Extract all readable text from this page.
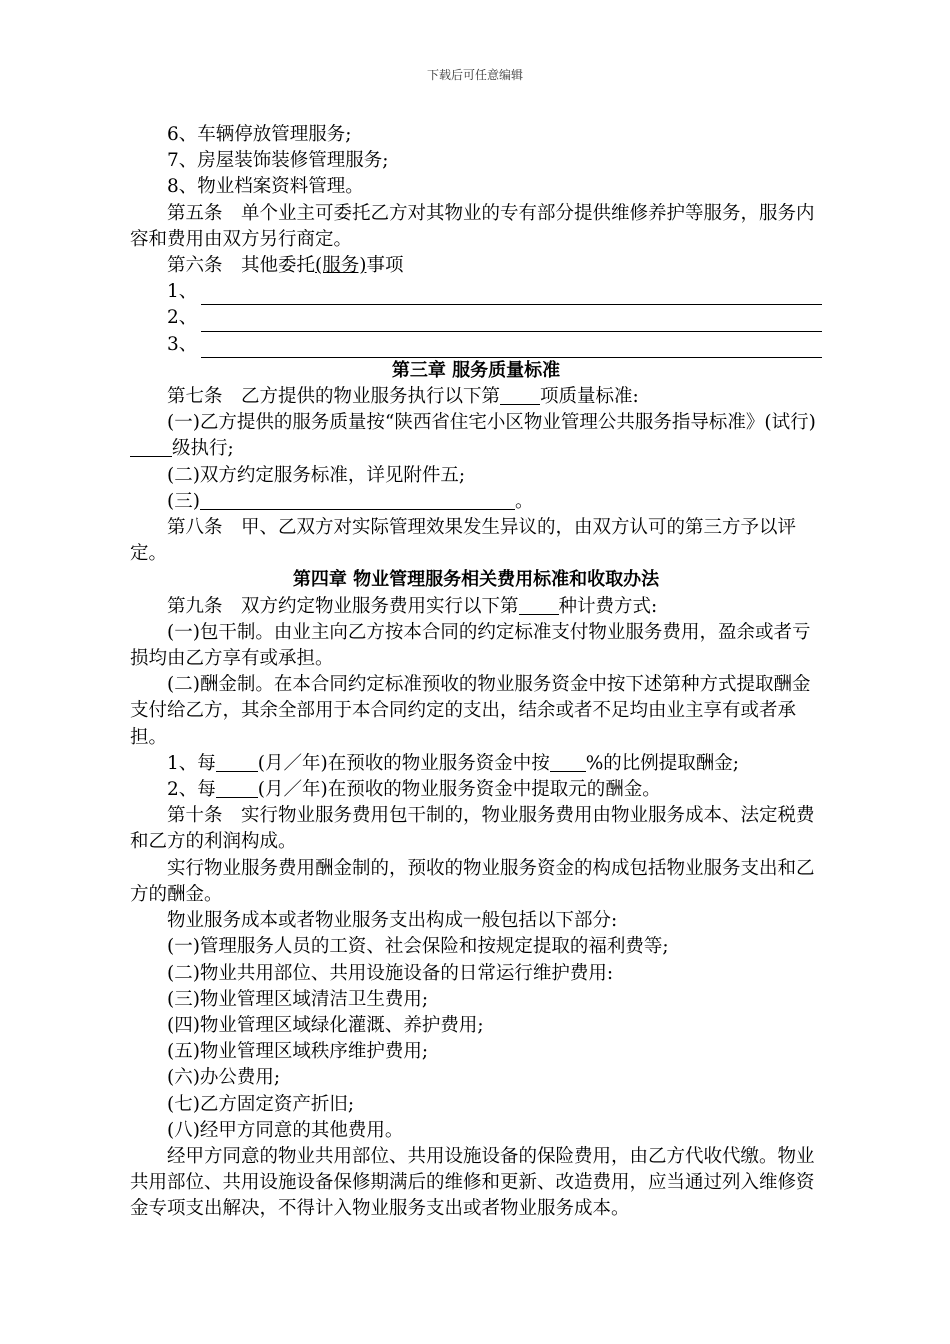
下载后可任意编辑

6、车辆停放管理服务;

7、房屋装饰装修管理服务;

8、物业档案资料管理。

第五条　单个业主可委托乙方对其物业的专有部分提供维修养护等服务，服务内容和费用由双方另行商定。

第六条　其他委托(服务)事项

1、
2、
3、

第三章 服务质量标准

第七条　乙方提供的物业服务执行以下第 项质量标准:

(一)乙方提供的服务质量按“陕西省住宅小区物业管理公共服务指导标准》(试行)级执行;

(二)双方约定服务标准，详见附件五;

(三)	。

第八条　甲、乙双方对实际管理效果发生异议的，由双方认可的第三方予以评定。

第四章 物业管理服务相关费用标准和收取办法

第九条　双方约定物业服务费用实行以下第 种计费方式:

(一)包干制。由业主向乙方按本合同的约定标准支付物业服务费用，盈余或者亏损均由乙方享有或承担。

(二)酬金制。在本合同约定标准预收的物业服务资金中按下述第种方式提取酬金支付给乙方，其余全部用于本合同约定的支出，结余或者不足均由业主享有或者承担。

1、每 (月／年)在预收的物业服务资金中按 %的比例提取酬金;

2、每 (月／年)在预收的物业服务资金中提取元的酬金。

第十条　实行物业服务费用包干制的，物业服务费用由物业服务成本、法定税费和乙方的利润构成。

实行物业服务费用酬金制的，预收的物业服务资金的构成包括物业服务支出和乙方的酬金。

物业服务成本或者物业服务支出构成一般包括以下部分:

(一)管理服务人员的工资、社会保险和按规定提取的福利费等;

(二)物业共用部位、共用设施设备的日常运行维护费用:

(三)物业管理区域清洁卫生费用;

(四)物业管理区域绿化灌溉、养护费用;

(五)物业管理区域秩序维护费用;

(六)办公费用;

(七)乙方固定资产折旧;

(八)经甲方同意的其他费用。

经甲方同意的物业共用部位、共用设施设备的保险费用，由乙方代收代缴。物业共用部位、共用设施设备保修期满后的维修和更新、改造费用，应当通过列入维修资金专项支出解决，不得计入物业服务支出或者物业服务成本。
